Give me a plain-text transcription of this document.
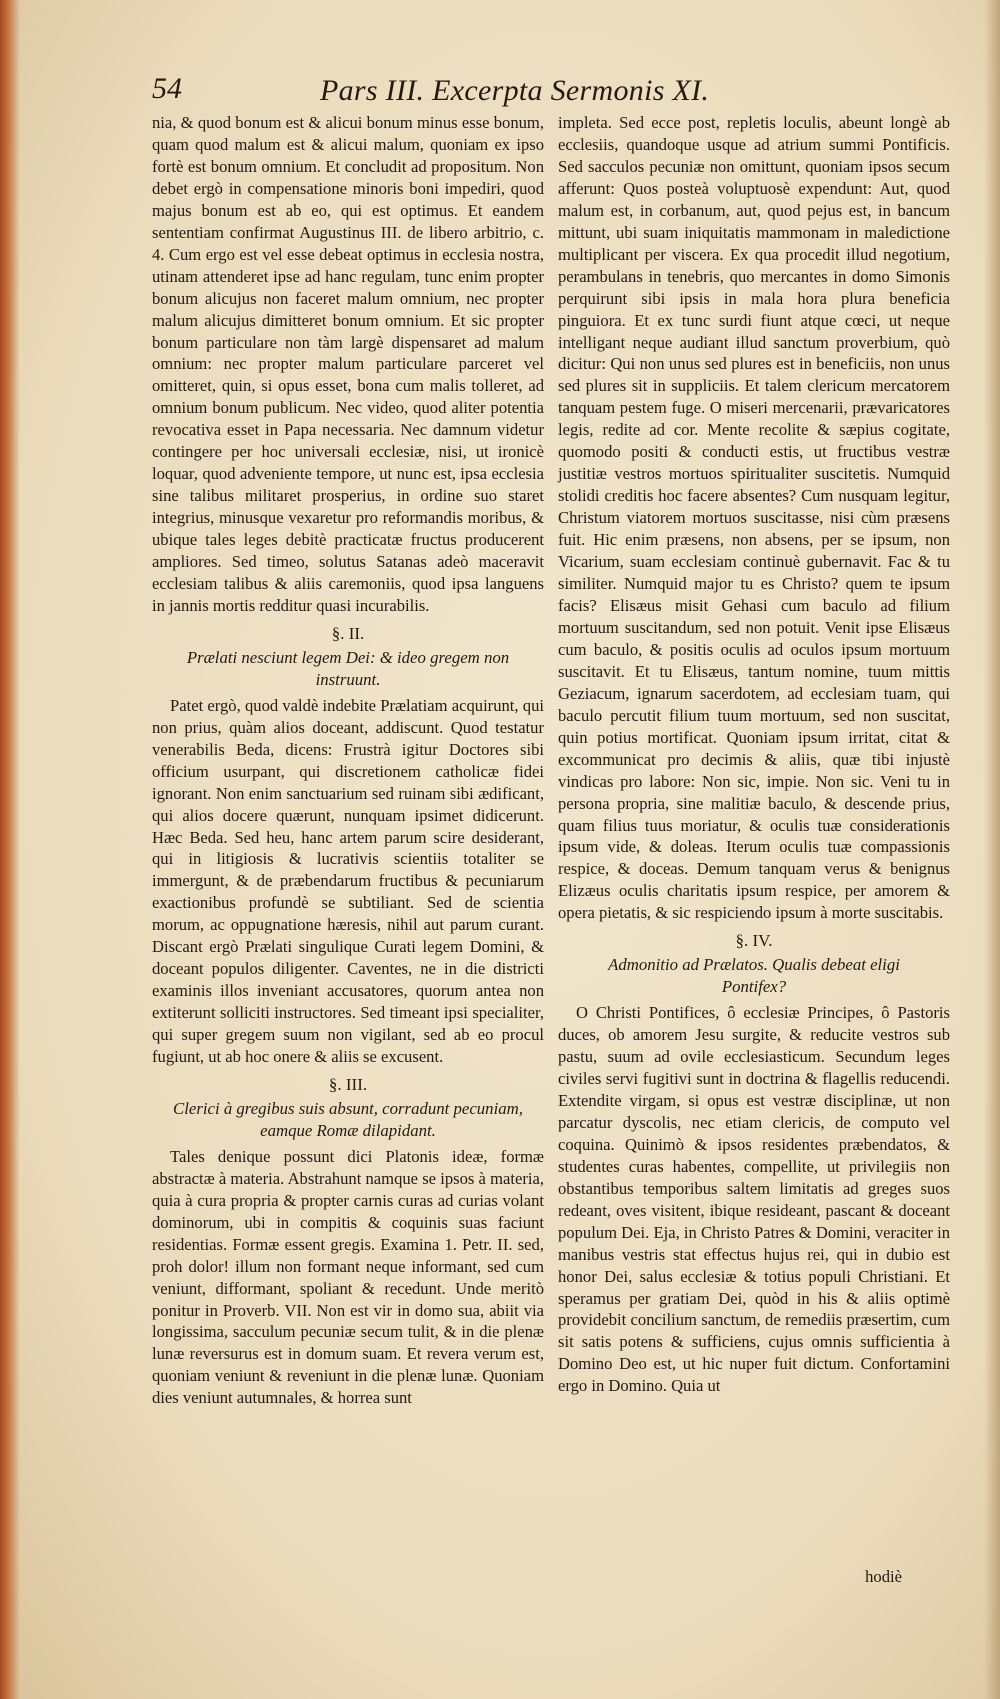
54	Pars III. Excerpta Sermonis XI.

nia, & quod bonum est & alicui bonum minus esse bonum, quam quod malum est & alicui malum, quoniam ex ipso fortè est bonum omnium. Et concludit ad propositum. Non debet ergò in compensatione minoris boni impediri, quod majus bonum est ab eo, qui est optimus. Et eandem sententiam confirmat Augustinus III. de libero arbitrio, c. 4. Cum ergo est vel esse debeat optimus in ecclesia nostra, utinam attenderet ipse ad hanc regulam, tunc enim propter bonum alicujus non faceret malum omnium, nec propter malum alicujus dimitteret bonum omnium. Et sic propter bonum particulare non tàm largè dispensaret ad malum omnium: nec propter malum particulare parceret vel omitteret, quin, si opus esset, bona cum malis tolleret, ad omnium bonum publicum. Nec video, quod aliter potentia revocativa esset in Papa necessaria. Nec damnum videtur contingere per hoc universali ecclesiæ, nisi, ut ironicè loquar, quod adveniente tempore, ut nunc est, ipsa ecclesia sine talibus militaret prosperius, in ordine suo staret integrius, minusque vexaretur pro reformandis moribus, & ubique tales leges debitè practicatæ fructus producerent ampliores. Sed timeo, solutus Satanas adeò maceravit ecclesiam talibus & aliis caremoniis, quod ipsa languens in jannis mortis redditur quasi incurabilis.

§. II.
Prælati nesciunt legem Dei: & ideo gregem non instruunt.

Patet ergò, quod valdè indebite Prælatiam acquirunt, qui non prius, quàm alios doceant, addiscunt. Quod testatur venerabilis Beda, dicens: Frustrà igitur Doctores sibi officium usurpant, qui discretionem catholicæ fidei ignorant. Non enim sanctuarium sed ruinam sibi ædificant, qui alios docere quærunt, nunquam ipsimet didicerunt. Hæc Beda. Sed heu, hanc artem parum scire desiderant, qui in litigiosis & lucrativis scientiis totaliter se immergunt, & de præbendarum fructibus & pecuniarum exactionibus profundè se subtiliant. Sed de scientia morum, ac oppugnatione hæresis, nihil aut parum curant. Discant ergò Prælati singulique Curati legem Domini, & doceant populos diligenter. Caventes, ne in die districti examinis illos inveniant accusatores, quorum antea non extiterunt solliciti instructores. Sed timeant ipsi specialiter, qui super gregem suum non vigilant, sed ab eo procul fugiunt, ut ab hoc onere & aliis se excusent.

§. III.
Clerici à gregibus suis absunt, corradunt pecuniam, eamque Romæ dilapidant.

Tales denique possunt dici Platonis ideæ, formæ abstractæ à materia. Abstrahunt namque se ipsos à materia, quia à cura propria & propter carnis curas ad curias volant dominorum, ubi in compitis & coquinis suas faciunt residentias. Formæ essent gregis. Examina 1. Petr. II. sed, proh dolor! illum non formant neque informant, sed cum veniunt, difformant, spoliant & recedunt. Unde meritò ponitur in Proverb. VII. Non est vir in domo sua, abiit via longissima, sacculum pecuniæ secum tulit, & in die plenæ lunæ reversurus est in domum suam. Et revera verum est, quoniam veniunt & reveniunt in die plenæ lunæ. Quoniam dies veniunt autumnales, & horrea sunt

impleta. Sed ecce post, repletis loculis, abeunt longè ab ecclesiis, quandoque usque ad atrium summi Pontificis. Sed sacculos pecuniæ non omittunt, quoniam ipsos secum afferunt: Quos posteà voluptuosè expendunt: Aut, quod malum est, in corbanum, aut, quod pejus est, in bancum mittunt, ubi suam iniquitatis mammonam in maledictione multiplicant per viscera. Ex qua procedit illud negotium, perambulans in tenebris, quo mercantes in domo Simonis perquirunt sibi ipsis in mala hora plura beneficia pinguiora. Et ex tunc surdi fiunt atque cœci, ut neque intelligant neque audiant illud sanctum proverbium, quò dicitur: Qui non unus sed plures est in beneficiis, non unus sed plures sit in suppliciis. Et talem clericum mercatorem tanquam pestem fuge. O miseri mercenarii, prævaricatores legis, redite ad cor. Mente recolite & sæpius cogitate, quomodo positi & conducti estis, ut fructibus vestræ justitiæ vestros mortuos spiritualiter suscitetis. Numquid stolidi creditis hoc facere absentes? Cum nusquam legitur, Christum viatorem mortuos suscitasse, nisi cùm præsens fuit. Hic enim præsens, non absens, per se ipsum, non Vicarium, suam ecclesiam continuè gubernavit. Fac & tu similiter. Numquid major tu es Christo? quem te ipsum facis? Elisæus misit Gehasi cum baculo ad filium mortuum suscitandum, sed non potuit. Venit ipse Elisæus cum baculo, & positis oculis ad oculos ipsum mortuum suscitavit. Et tu Elisæus, tantum nomine, tuum mittis Geziacum, ignarum sacerdotem, ad ecclesiam tuam, qui baculo percutit filium tuum mortuum, sed non suscitat, quin potius mortificat. Quoniam ipsum irritat, citat & excommunicat pro decimis & aliis, quæ tibi injustè vindicas pro labore: Non sic, impie. Non sic. Veni tu in persona propria, sine malitiæ baculo, & descende prius, quam filius tuus moriatur, & oculis tuæ considerationis ipsum vide, & doleas. Iterum oculis tuæ compassionis respice, & doceas. Demum tanquam verus & benignus Elizæus oculis charitatis ipsum respice, per amorem & opera pietatis, & sic respiciendo ipsum à morte suscitabis.

§. IV.
Admonitio ad Prælatos. Qualis debeat eligi Pontifex?

O Christi Pontifices, ô ecclesiæ Principes, ô Pastoris duces, ob amorem Jesu surgite, & reducite vestros sub pastu, suum ad ovile ecclesiasticum. Secundum leges civiles servi fugitivi sunt in doctrina & flagellis reducendi. Extendite virgam, si opus est vestræ disciplinæ, ut non parcatur dyscolis, nec etiam clericis, de computo vel coquina. Quinimò & ipsos residentes præbendatos, & studentes curas habentes, compellite, ut privilegiis non obstantibus temporibus saltem limitatis ad greges suos redeant, oves visitent, ibique resideant, pascant & doceant populum Dei. Eja, in Christo Patres & Domini, veraciter in manibus vestris stat effectus hujus rei, qui in dubio est honor Dei, salus ecclesiæ & totius populi Christiani. Et speramus per gratiam Dei, quòd in his & aliis optimè providebit concilium sanctum, de remediis præsertim, cum sit satis potens & sufficiens, cujus omnis sufficientia à Domino Deo est, ut hic nuper fuit dictum. Confortamini ergo in Domino. Quia ut

hodiè
